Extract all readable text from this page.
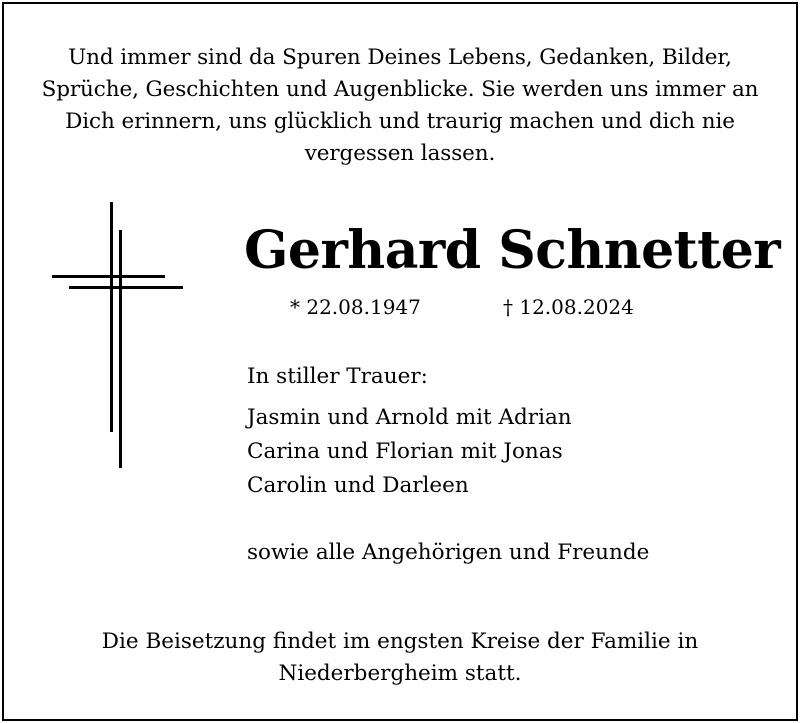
Und immer sind da Spuren Deines Lebens, Gedanken, Bilder,
Sprüche, Geschichten und Augenblicke. Sie werden uns immer an
Dich erinnern, uns glücklich und traurig machen und dich nie
vergessen lassen.
Gerhard Schnetter
* 22.08.1947	† 12.08.2024
In stiller Trauer:
Jasmin und Arnold mit Adrian
Carina und Florian mit Jonas
Carolin und Darleen
sowie alle Angehörigen und Freunde
Die Beisetzung findet im engsten Kreise der Familie in
Niederbergheim statt.
